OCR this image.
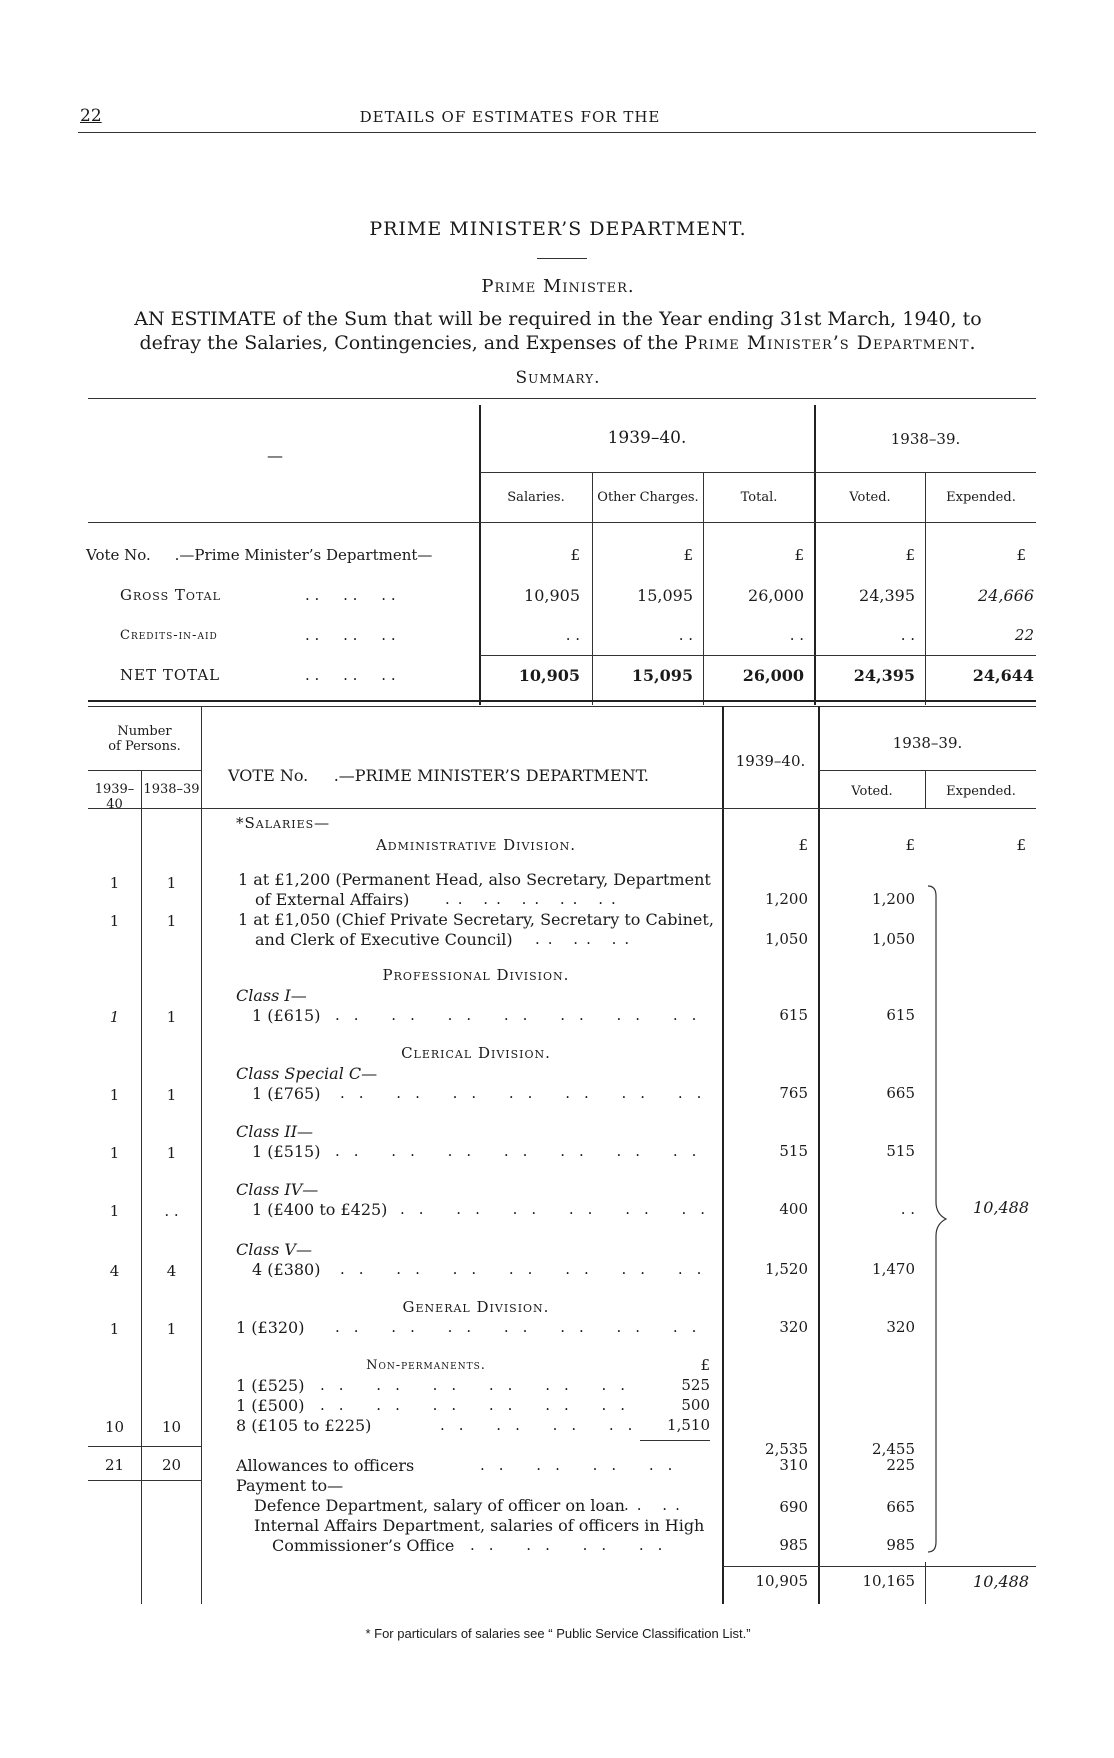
22	DETAILS OF ESTIMATES FOR THE
PRIME MINISTER’S DEPARTMENT.
Prime Minister.
AN ESTIMATE of the Sum that will be required in the Year ending 31st March, 1940, to
defray the Salaries, Contingencies, and Expenses of the Prime Minister’s Department.
Summary.
—
1939–40.	1938–39.
Salaries.	Other Charges.	Total.	Voted.	Expended.
Vote No.     .—Prime Minister’s Department—	£	£	£	£	£
Gross Total	. .     . .     . .	10,905	15,095	26,000	24,395	24,666
Credits-in-aid	. .     . .     . .	. .	. .	. .	. .	22
NET TOTAL	. .     . .     . .	10,905	15,095	26,000	24,395	24,644
Number
of Persons.
1939–40
1938–39
VOTE No.     .—PRIME MINISTER’S DEPARTMENT.
1939–40.
1938–39.
Voted.	Expended.
*Salaries—
Administrative Division.	£	£	£
1	1	1 at £1,200 (Permanent Head, also Secretary, Department
of External Affairs) .. .. .. .. ..	1,200	1,200
1	1	1 at £1,050 (Chief Private Secretary, Secretary to Cabinet,
and Clerk of Executive Council) .. .. ..	1,050	1,050
Professional Division.
Class I—
1	1	1 (£615) .. .. .. .. .. .. ..	615	615
Clerical Division.
Class Special C—
1	1	1 (£765) .. .. .. .. .. .. ..	765	665
Class II—
1	1	1 (£515) .. .. .. .. .. .. ..	515	515
Class IV—
1	. .	1 (£400 to £425) .. .. .. .. .. ..	400	. .
Class V—
4	4	4 (£380) .. .. .. .. .. .. ..	1,520	1,470
General Division.
1	1	1 (£320) .. .. .. .. .. .. ..	320	320
Non-permanents.	£
1 (£525) .. .. .. .. .. ..	525
1 (£500) .. .. .. .. .. ..	500
10	10	8 (£105 to £225)	.. .. .. ..	1,510
2,535	2,455
21	20	Allowances to officers	.. .. .. ..	310	225
Payment to—
Defence Department, salary of officer on loan .. ..	690	665
Internal Affairs Department, salaries of officers in High
Commissioner’s Office .. .. .. ..	985	985
10,488
10,905	10,165	10,488
* For particulars of salaries see “ Public Service Classification List.”
